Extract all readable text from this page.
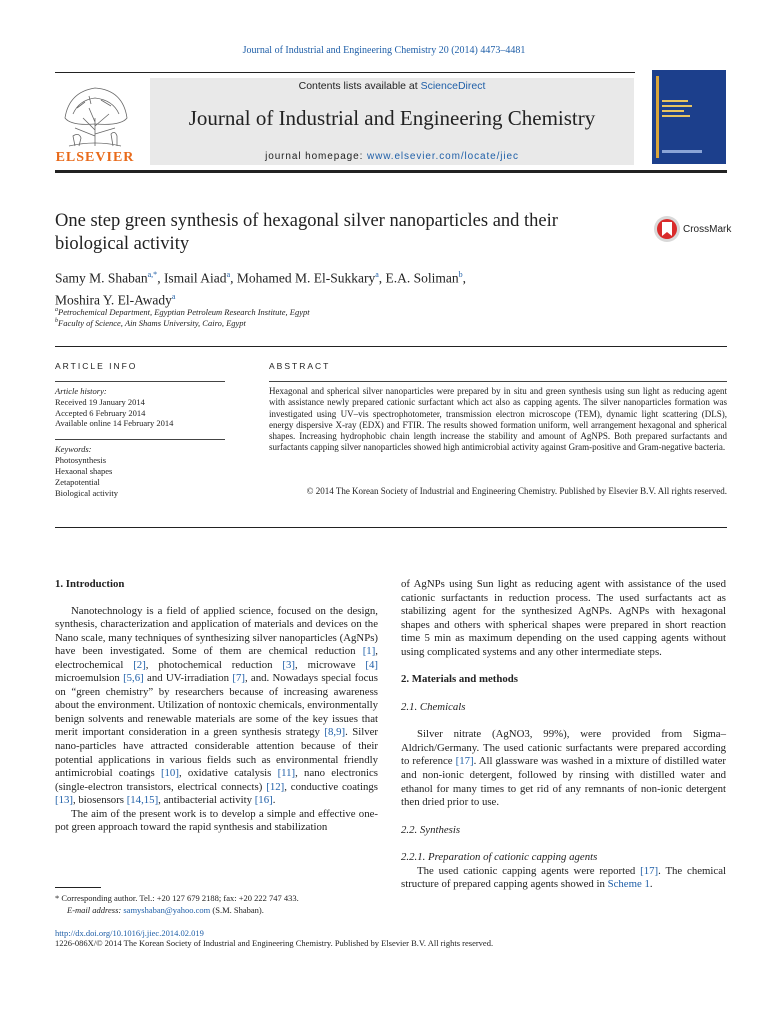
Journal of Industrial and Engineering Chemistry 20 (2014) 4473–4481
ELSEVIER
Contents lists available at ScienceDirect
Journal of Industrial and Engineering Chemistry
journal homepage: www.elsevier.com/locate/jiec
One step green synthesis of hexagonal silver nanoparticles and their biological activity
CrossMark
Samy M. Shaban$^{a,*}$, Ismail Aiad$^a$, Mohamed M. El-Sukkary$^a$, E.A. Soliman$^b$,
Moshira Y. El-Awady$^a$
$^a$Petrochemical Department, Egyptian Petroleum Research Institute, Egypt
$^b$Faculty of Science, Ain Shams University, Cairo, Egypt
ARTICLE INFO	ABSTRACT
Article history:
Received 19 January 2014
Accepted 6 February 2014
Available online 14 February 2014
Keywords:
Photosynthesis
Hexaonal shapes
Zetapotential
Biological activity
Hexagonal and spherical silver nanoparticles were prepared by in situ and green synthesis using sun light as reducing agent with assistance newly prepared cationic surfactant which act also as capping agents. The silver nanoparticles formation was investigated using UV–vis spectrophotometer, transmission electron microscope (TEM), dynamic light scattering (DLS), energy dispersive X-ray (EDX) and FTIR. The results showed formation uniform, well arrangement hexagonal and spherical shapes. Increasing hydrophobic chain length increase the stability and amount of AgNPS. Both prepared surfactants and surfactants capping silver nanoparticles showed high antimicrobial activity against Gram-positive and Gram-negative bacteria.
© 2014 The Korean Society of Industrial and Engineering Chemistry. Published by Elsevier B.V. All rights reserved.
1. Introduction

Nanotechnology is a field of applied science, focused on the design, synthesis, characterization and application of materials and devices on the Nano scale, many techniques of synthesizing silver nanoparticles (AgNPs) have been investigated. Some of them are chemical reduction [1], electrochemical [2], photochemical reduction [3], microwave [4] microemulsion [5,6] and UV-irradiation [7], and. Nowadays special focus on “green chemistry” by researchers because of increasing awareness about the environment. Utilization of nontoxic chemicals, environmentally benign solvents and renewable materials are some of the key issues that merit important consideration in a green synthesis strategy [8,9]. Silver nano-particles have attracted considerable attention because of their potential applications in various fields such as environmental friendly antimicrobial coatings [10], oxidative catalysis [11], nano electronics (single-electron transistors, electrical connects) [12], conductive coatings [13], biosensors [14,15], antibacterial activity [16].

The aim of the present work is to develop a simple and effective one-pot green approach toward the rapid synthesis and stabilization

of AgNPs using Sun light as reducing agent with assistance of the used cationic surfactants in reduction process. The used surfactants act as stabilizing agent for the synthesized AgNPs. AgNPs with hexagonal shapes and others with spherical shapes were prepared in short reaction time 5 min as maximum depending on the used capping agents without using complicated systems and any other intermediate steps.

2. Materials and methods
2.1. Chemicals

Silver nitrate (AgNO3, 99%), were provided from Sigma–Aldrich/Germany. The used cationic surfactants were prepared according to reference [17]. All glassware was washed in a mixture of distilled water and non-ionic detergent, followed by rinsing with distilled water and ethanol for many times to get rid of any remnants of non-ionic detergent then dried prior to use.

2.2. Synthesis
2.2.1. Preparation of cationic capping agents

The used cationic capping agents were reported [17]. The chemical structure of prepared capping agents showed in Scheme 1.

* Corresponding author. Tel.: +20 127 679 2188; fax: +20 222 747 433.
E-mail address: samyshaban@yahoo.com (S.M. Shaban).
http://dx.doi.org/10.1016/j.jiec.2014.02.019
1226-086X/© 2014 The Korean Society of Industrial and Engineering Chemistry. Published by Elsevier B.V. All rights reserved.
